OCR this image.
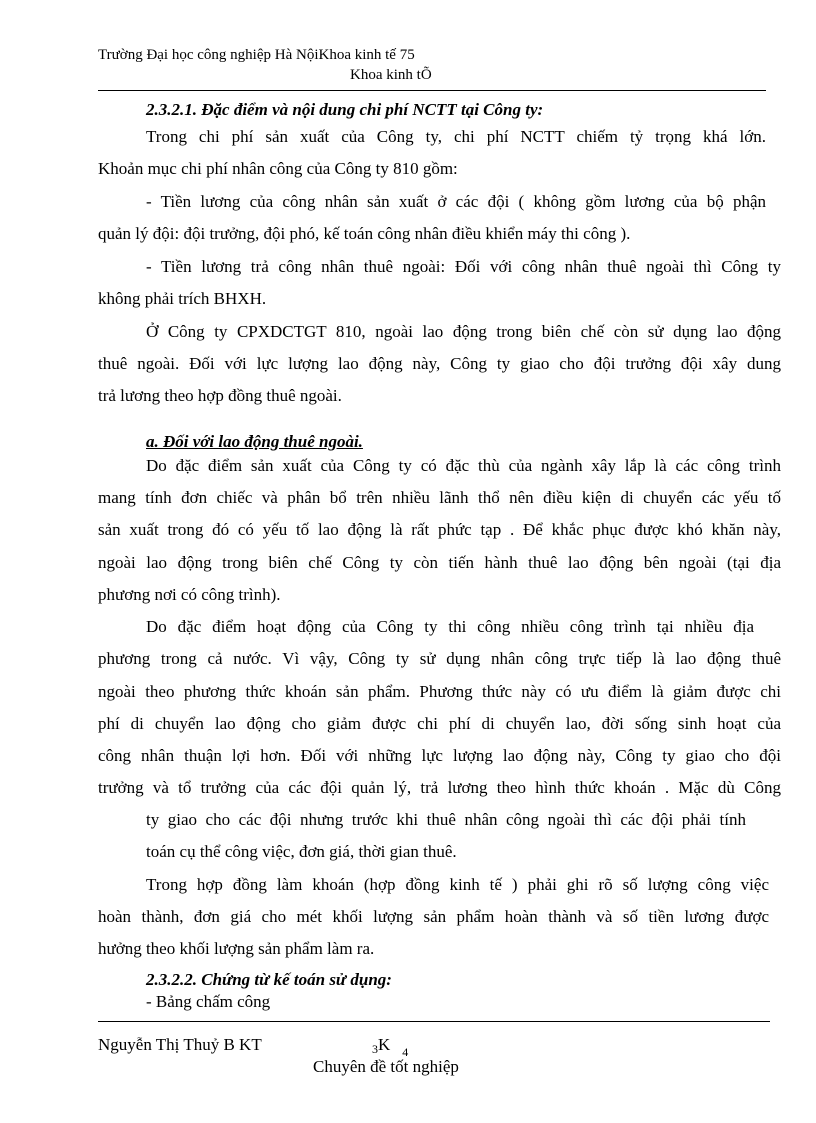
Trường Đại học công nghiệp Hà NộiKhoa kinh tế 75
Khoa kinh tÕ
2.3.2.1. Đặc điểm và nội dung chi phí NCTT tại Công ty:
Trong chi phí sản xuất của Công ty, chi phí NCTT chiếm tỷ trọng khá lớn.
Khoản mục chi phí nhân công của Công ty 810 gồm:
- Tiền lương của công nhân sản xuất ở các đội ( không gồm lương của bộ phận
quản lý đội: đội trưởng, đội phó, kế toán công nhân điều khiển máy thi công ).
- Tiền lương trả công nhân thuê ngoài: Đối với công nhân thuê ngoài thì Công ty
không phải trích BHXH.
Ở Công ty CPXDCTGT 810, ngoài lao động trong biên chế còn sử dụng lao động
thuê ngoài. Đối với lực lượng lao động này, Công ty giao cho đội trưởng đội xây dung
trả lương theo hợp đồng thuê ngoài.
a. Đối với lao động thuê ngoài.
Do đặc điểm sản xuất của Công ty có đặc thù của ngành xây lắp là các công trình
mang tính đơn chiếc và phân bổ trên nhiều lãnh thổ nên điều kiện di chuyển các yếu tố
sản xuất trong đó có yếu tố lao động là rất phức tạp . Để khắc phục được khó khăn này,
ngoài lao động trong biên chế Công ty còn tiến hành thuê lao động bên ngoài (tại địa
phương nơi có công trình).
Do đặc điểm hoạt động của Công ty thi công nhiều công trình tại nhiều địa
phương trong cả nước. Vì vậy, Công ty sử dụng nhân công trực tiếp là lao động thuê
ngoài theo phương thức khoán sản phẩm. Phương thức này có ưu điểm là giảm được chi
phí di chuyển lao động cho giảm được chi phí di chuyển lao, đời sống sinh hoạt của
công nhân thuận lợi hơn. Đối với những lực lượng lao động này, Công ty giao cho đội
trưởng và tổ trưởng của các đội quản lý, trả lương theo hình thức khoán . Mặc dù Công
ty giao cho các đội nhưng trước khi thuê nhân công ngoài thì các đội phải tính
toán cụ thể công việc, đơn giá, thời gian thuê.
Trong hợp đồng làm khoán (hợp đồng kinh tế ) phải ghi rõ số lượng công việc
hoàn thành, đơn giá cho mét khối lượng sản phẩm hoàn thành và số tiền lương được
hưởng theo khối lượng sản phẩm làm ra.
2.3.2.2. Chứng từ kế toán sử dụng:
- Bảng chấm công
Nguyễn Thị Thuỷ B KT	$_3$K $^4$
Chuyên đề tốt nghiệp
